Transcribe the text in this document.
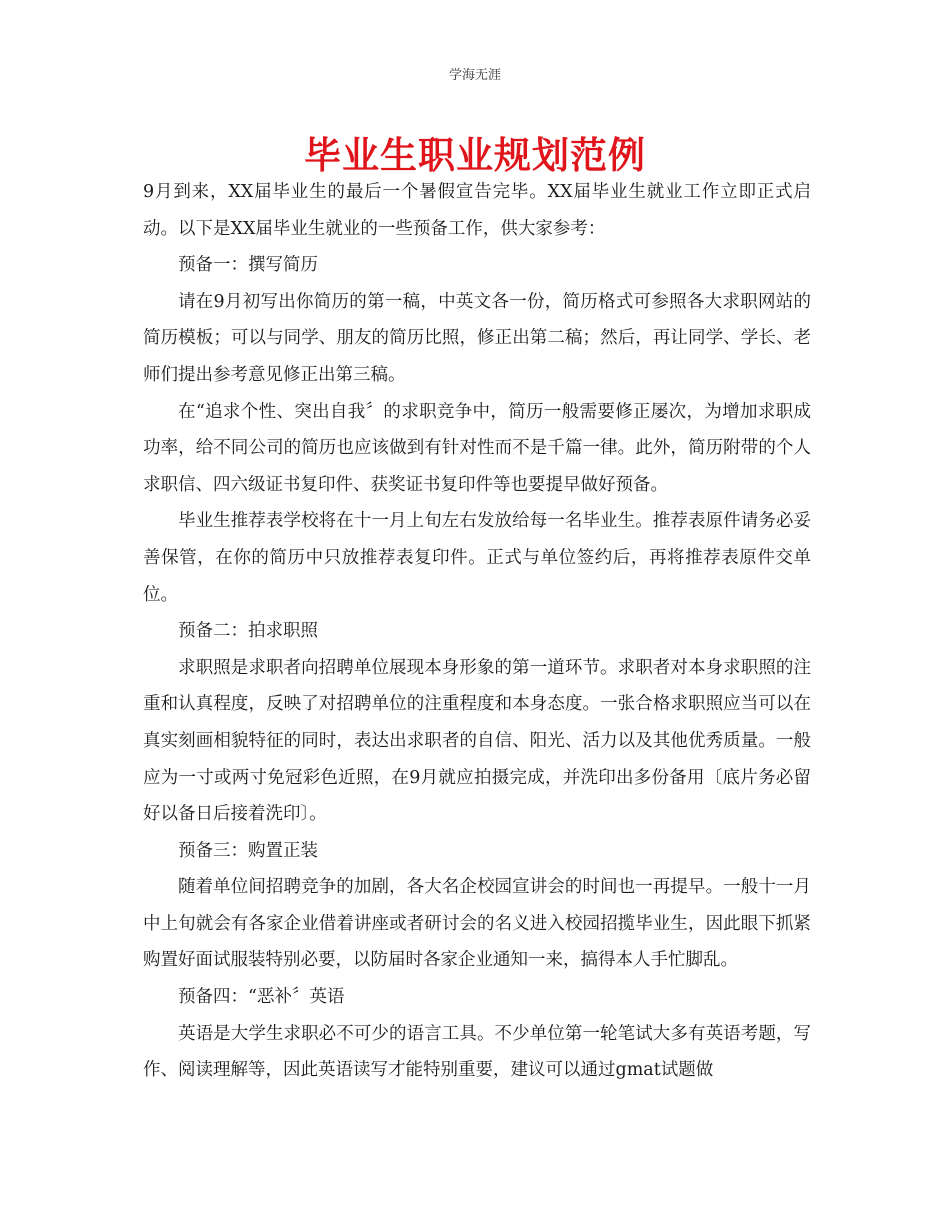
学海无涯
毕业生职业规划范例

9月到来，XX届毕业生的最后一个暑假宣告完毕。XX届毕业生就业工作立即正式启动。以下是XX届毕业生就业的一些预备工作，供大家参考：

预备一：撰写简历

请在9月初写出你简历的第一稿，中英文各一份，简历格式可参照各大求职网站的简历模板；可以与同学、朋友的简历比照，修正出第二稿；然后，再让同学、学长、老师们提出参考意见修正出第三稿。

在“追求个性、突出自我〞的求职竞争中，简历一般需要修正屡次，为增加求职成功率，给不同公司的简历也应该做到有针对性而不是千篇一律。此外，简历附带的个人求职信、四六级证书复印件、获奖证书复印件等也要提早做好预备。

毕业生推荐表学校将在十一月上旬左右发放给每一名毕业生。推荐表原件请务必妥善保管，在你的简历中只放推荐表复印件。正式与单位签约后，再将推荐表原件交单位。

预备二：拍求职照

求职照是求职者向招聘单位展现本身形象的第一道环节。求职者对本身求职照的注重和认真程度，反映了对招聘单位的注重程度和本身态度。一张合格求职照应当可以在真实刻画相貌特征的同时，表达出求职者的自信、阳光、活力以及其他优秀质量。一般应为一寸或两寸免冠彩色近照，在9月就应拍摄完成，并洗印出多份备用〔底片务必留好以备日后接着洗印〕。

预备三：购置正装

随着单位间招聘竞争的加剧，各大名企校园宣讲会的时间也一再提早。一般十一月中上旬就会有各家企业借着讲座或者研讨会的名义进入校园招揽毕业生，因此眼下抓紧购置好面试服装特别必要，以防届时各家企业通知一来，搞得本人手忙脚乱。

预备四：“恶补〞英语

英语是大学生求职必不可少的语言工具。不少单位第一轮笔试大多有英语考题，写作、阅读理解等，因此英语读写才能特别重要，建议可以通过gmat试题做
